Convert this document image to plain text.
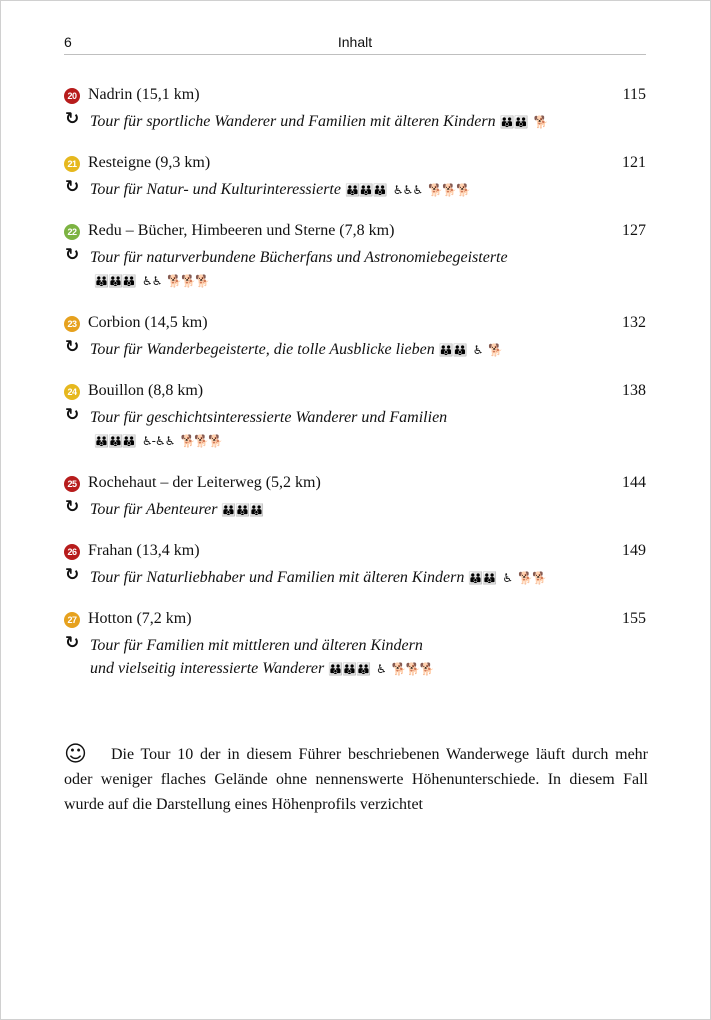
6	Inhalt
20 Nadrin (15,1 km)	115
↻ Tour für sportliche Wanderer und Familien mit älteren Kindern 👪👪 🐕
21 Resteigne (9,3 km)	121
↻ Tour für Natur- und Kulturinteressierte 👪👪👪 ♿♿♿ 🐕🐕🐕
22 Redu – Bücher, Himbeeren und Sterne (7,8 km)	127
↻ Tour für naturverbundene Bücherfans und Astronomiebegeisterte
👪👪👪 ♿♿ 🐕🐕🐕
23 Corbion (14,5 km)	132
↻ Tour für Wanderbegeisterte, die tolle Ausblicke lieben 👪👪 ♿ 🐕
24 Bouillon (8,8 km)	138
↻ Tour für geschichtsinteressierte Wanderer und Familien
👪👪👪 ♿-♿♿ 🐕🐕🐕
25 Rochehaut – der Leiterweg (5,2 km)	144
↻ Tour für Abenteurer 👪👪👪
26 Frahan (13,4 km)	149
↻ Tour für Naturliebhaber und Familien mit älteren Kindern 👪👪 ♿ 🐕🐕
27 Hotton (7,2 km)	155
↻ Tour für Familien mit mittleren und älteren Kindern
und vielseitig interessierte Wanderer 👪👪👪 ♿ 🐕🐕🐕
☺ Die Tour 10 der in diesem Führer beschriebenen Wanderwege läuft durch mehr oder weniger flaches Gelände ohne nennenswerte Höhenunterschiede. In diesem Fall wurde auf die Darstellung eines Höhenprofils verzichtet
